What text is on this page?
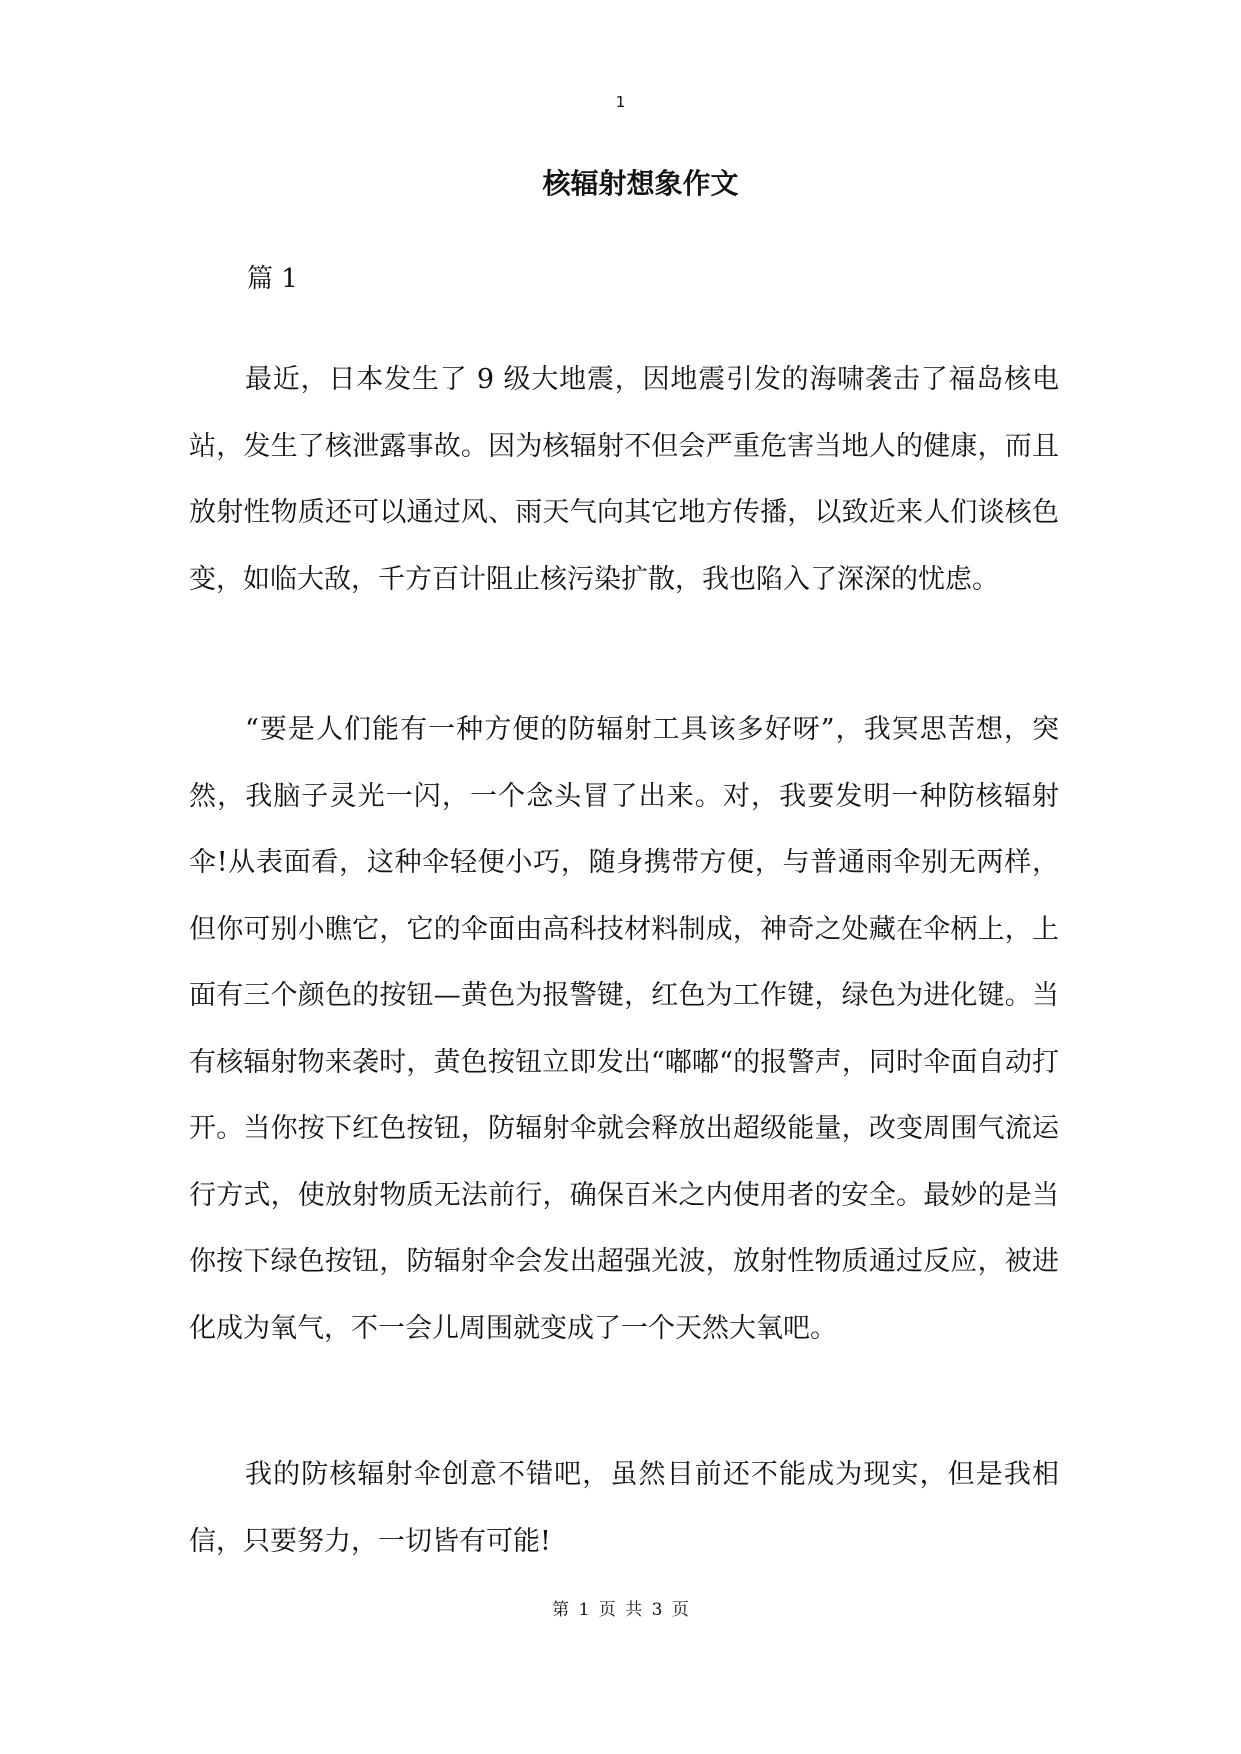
1
核辐射想象作文
篇 1

最近，日本发生了 9 级大地震，因地震引发的海啸袭击了福岛核电站，发生了核泄露事故。因为核辐射不但会严重危害当地人的健康，而且放射性物质还可以通过风、雨天气向其它地方传播，以致近来人们谈核色变，如临大敌，千方百计阻止核污染扩散，我也陷入了深深的忧虑。

“要是人们能有一种方便的防辐射工具该多好呀”，我冥思苦想，突然，我脑子灵光一闪，一个念头冒了出来。对，我要发明一种防核辐射伞!从表面看，这种伞轻便小巧，随身携带方便，与普通雨伞别无两样，但你可别小瞧它，它的伞面由高科技材料制成，神奇之处藏在伞柄上，上面有三个颜色的按钮—黄色为报警键，红色为工作键，绿色为进化键。当有核辐射物来袭时，黄色按钮立即发出“嘟嘟“的报警声，同时伞面自动打开。当你按下红色按钮，防辐射伞就会释放出超级能量，改变周围气流运行方式，使放射物质无法前行，确保百米之内使用者的安全。最妙的是当你按下绿色按钮，防辐射伞会发出超强光波，放射性物质通过反应，被进化成为氧气，不一会儿周围就变成了一个天然大氧吧。

我的防核辐射伞创意不错吧，虽然目前还不能成为现实，但是我相信，只要努力，一切皆有可能!

第 1 页 共 3 页
